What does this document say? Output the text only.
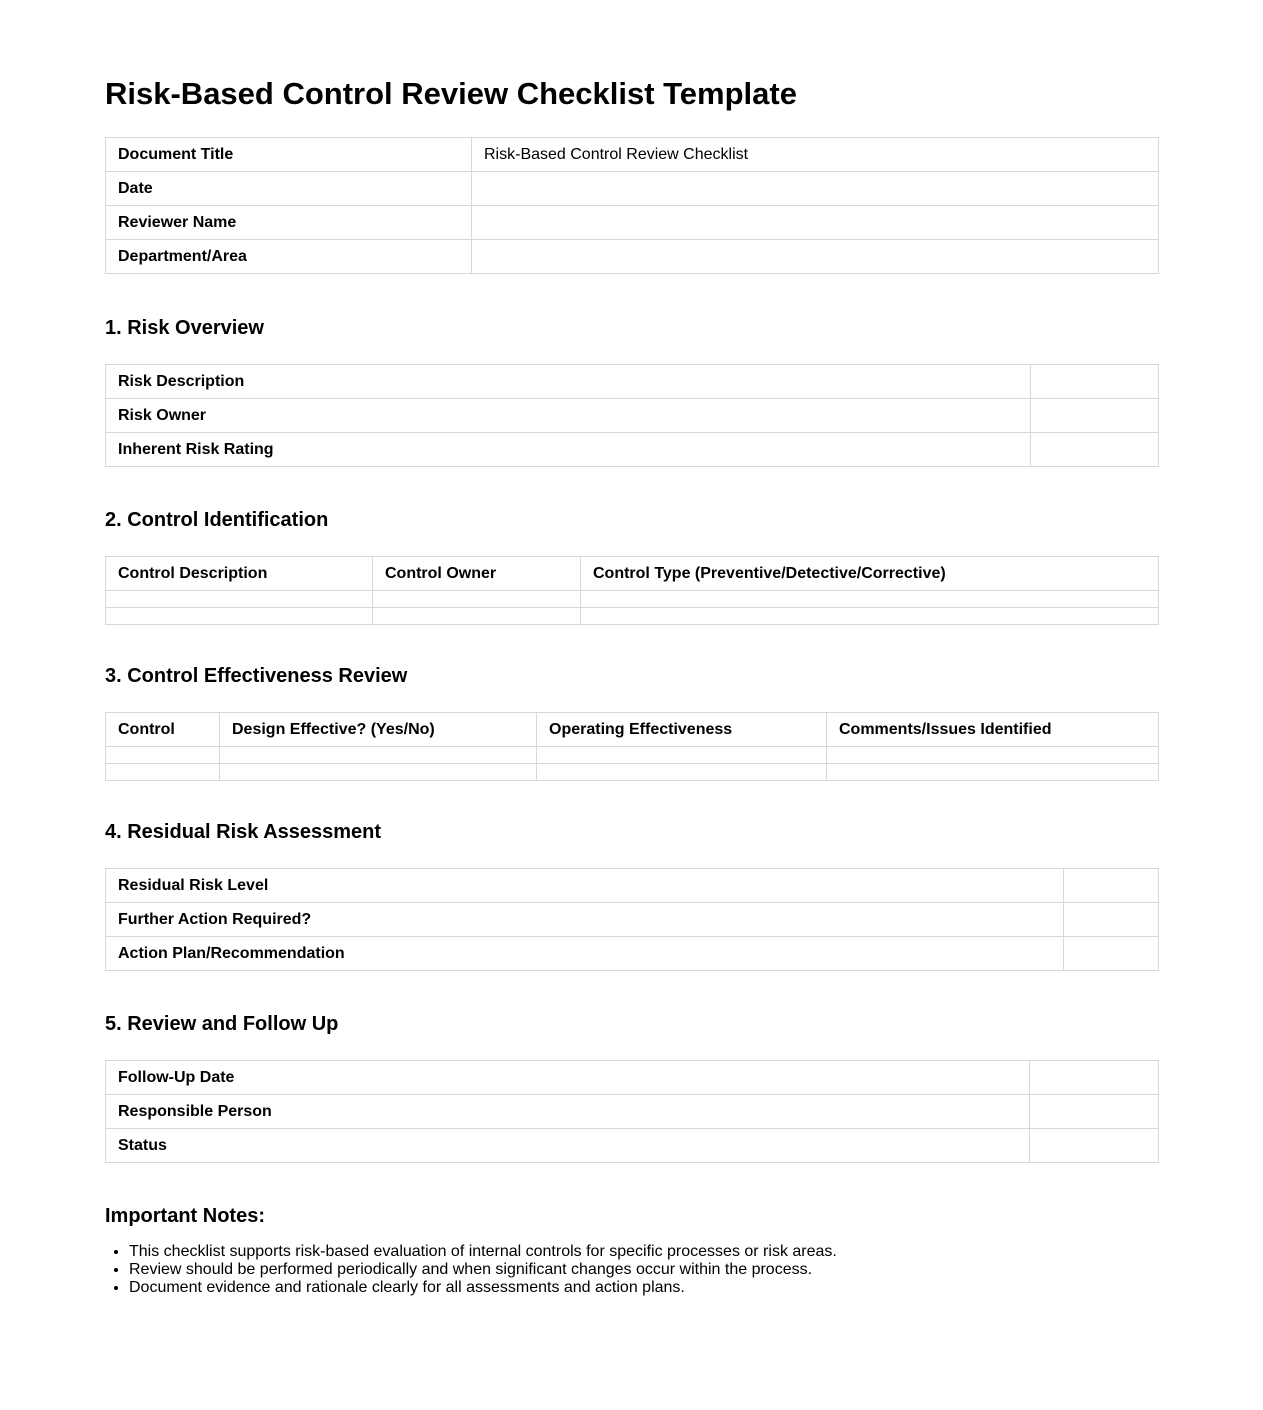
Risk-Based Control Review Checklist Template
Document Title	Risk-Based Control Review Checklist
Date	
Reviewer Name	
Department/Area	
1. Risk Overview
Risk Description	
Risk Owner	
Inherent Risk Rating	
2. Control Identification
Control Description	Control Owner	Control Type (Preventive/Detective/Corrective)

3. Control Effectiveness Review
Control	Design Effective? (Yes/No)	Operating Effectiveness	Comments/Issues Identified

4. Residual Risk Assessment
Residual Risk Level	
Further Action Required?	
Action Plan/Recommendation	
5. Review and Follow Up
Follow-Up Date	
Responsible Person	
Status	
Important Notes:
• This checklist supports risk-based evaluation of internal controls for specific processes or risk areas.
• Review should be performed periodically and when significant changes occur within the process.
• Document evidence and rationale clearly for all assessments and action plans.
